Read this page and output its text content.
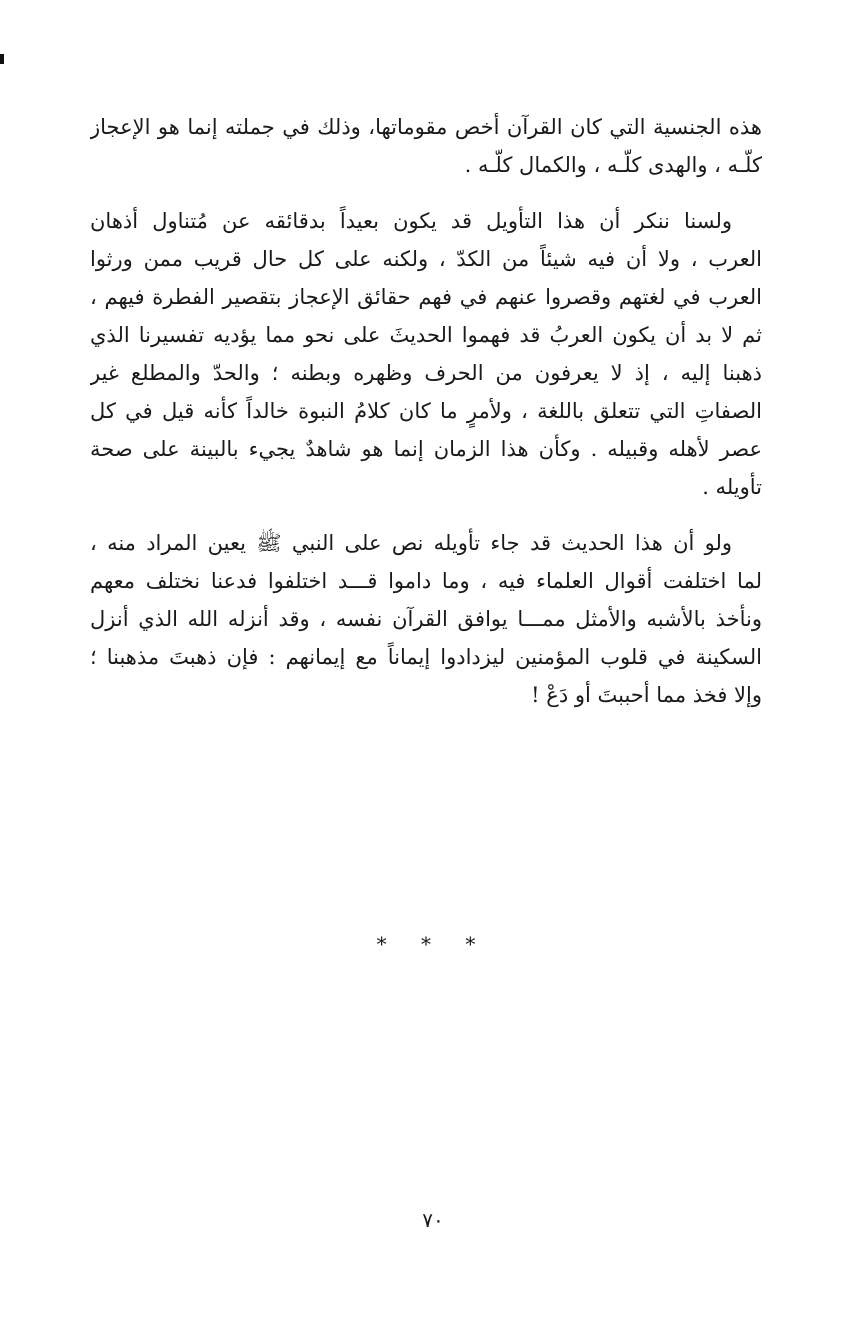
هذه الجنسية التي كان القرآن أخص مقوماتها، وذلك في جملته إنما هو الإعجاز
كلّـه ، والهدى كلّـه ، والكمال كلّـه .
ولسنا ننكر أن هذا التأويل قد يكون بعيداً بدقائقه عن مُتناول أذهان
العرب ، ولا أن فيه شيئاً من الكدّ ، ولكنه على كل حال قريب ممن ورثوا
العرب في لغتهم وقصروا عنهم في فهم حقائق الإعجاز بتقصير الفطرة فيهم ،
ثم لا بد أن يكون العربُ قد فهموا الحديثَ على نحو مما يؤديه تفسيرنا الذي
ذهبنا إليه ، إذ لا يعرفون من الحرف وظهره وبطنه ؛ والحدّ والمطلع غير
الصفاتِ التي تتعلق باللغة ، ولأمرٍ ما كان كلامُ النبوة خالداً كأنه قيل في كل
عصر لأهله وقبيله . وكأن هذا الزمان إنما هو شاهدٌ يجيء بالبينة على صحة
تأويله .
ولو أن هذا الحديث قد جاء تأويله نص على النبي ﷺ يعين المراد منه ،
لما اختلفت أقوال العلماء فيه ، وما داموا قـــد اختلفوا فدعنا نختلف معهم
ونأخذ بالأشبه والأمثل ممـــا يوافق القرآن نفسه ، وقد أنزله الله الذي أنزل
السكينة في قلوب المؤمنين ليزدادوا إيماناً مع إيمانهم : فإن ذهبتَ مذهبنا ؛
وإلا فخذ مما أحببتَ أو دَعْ !
* * *
٧٠
